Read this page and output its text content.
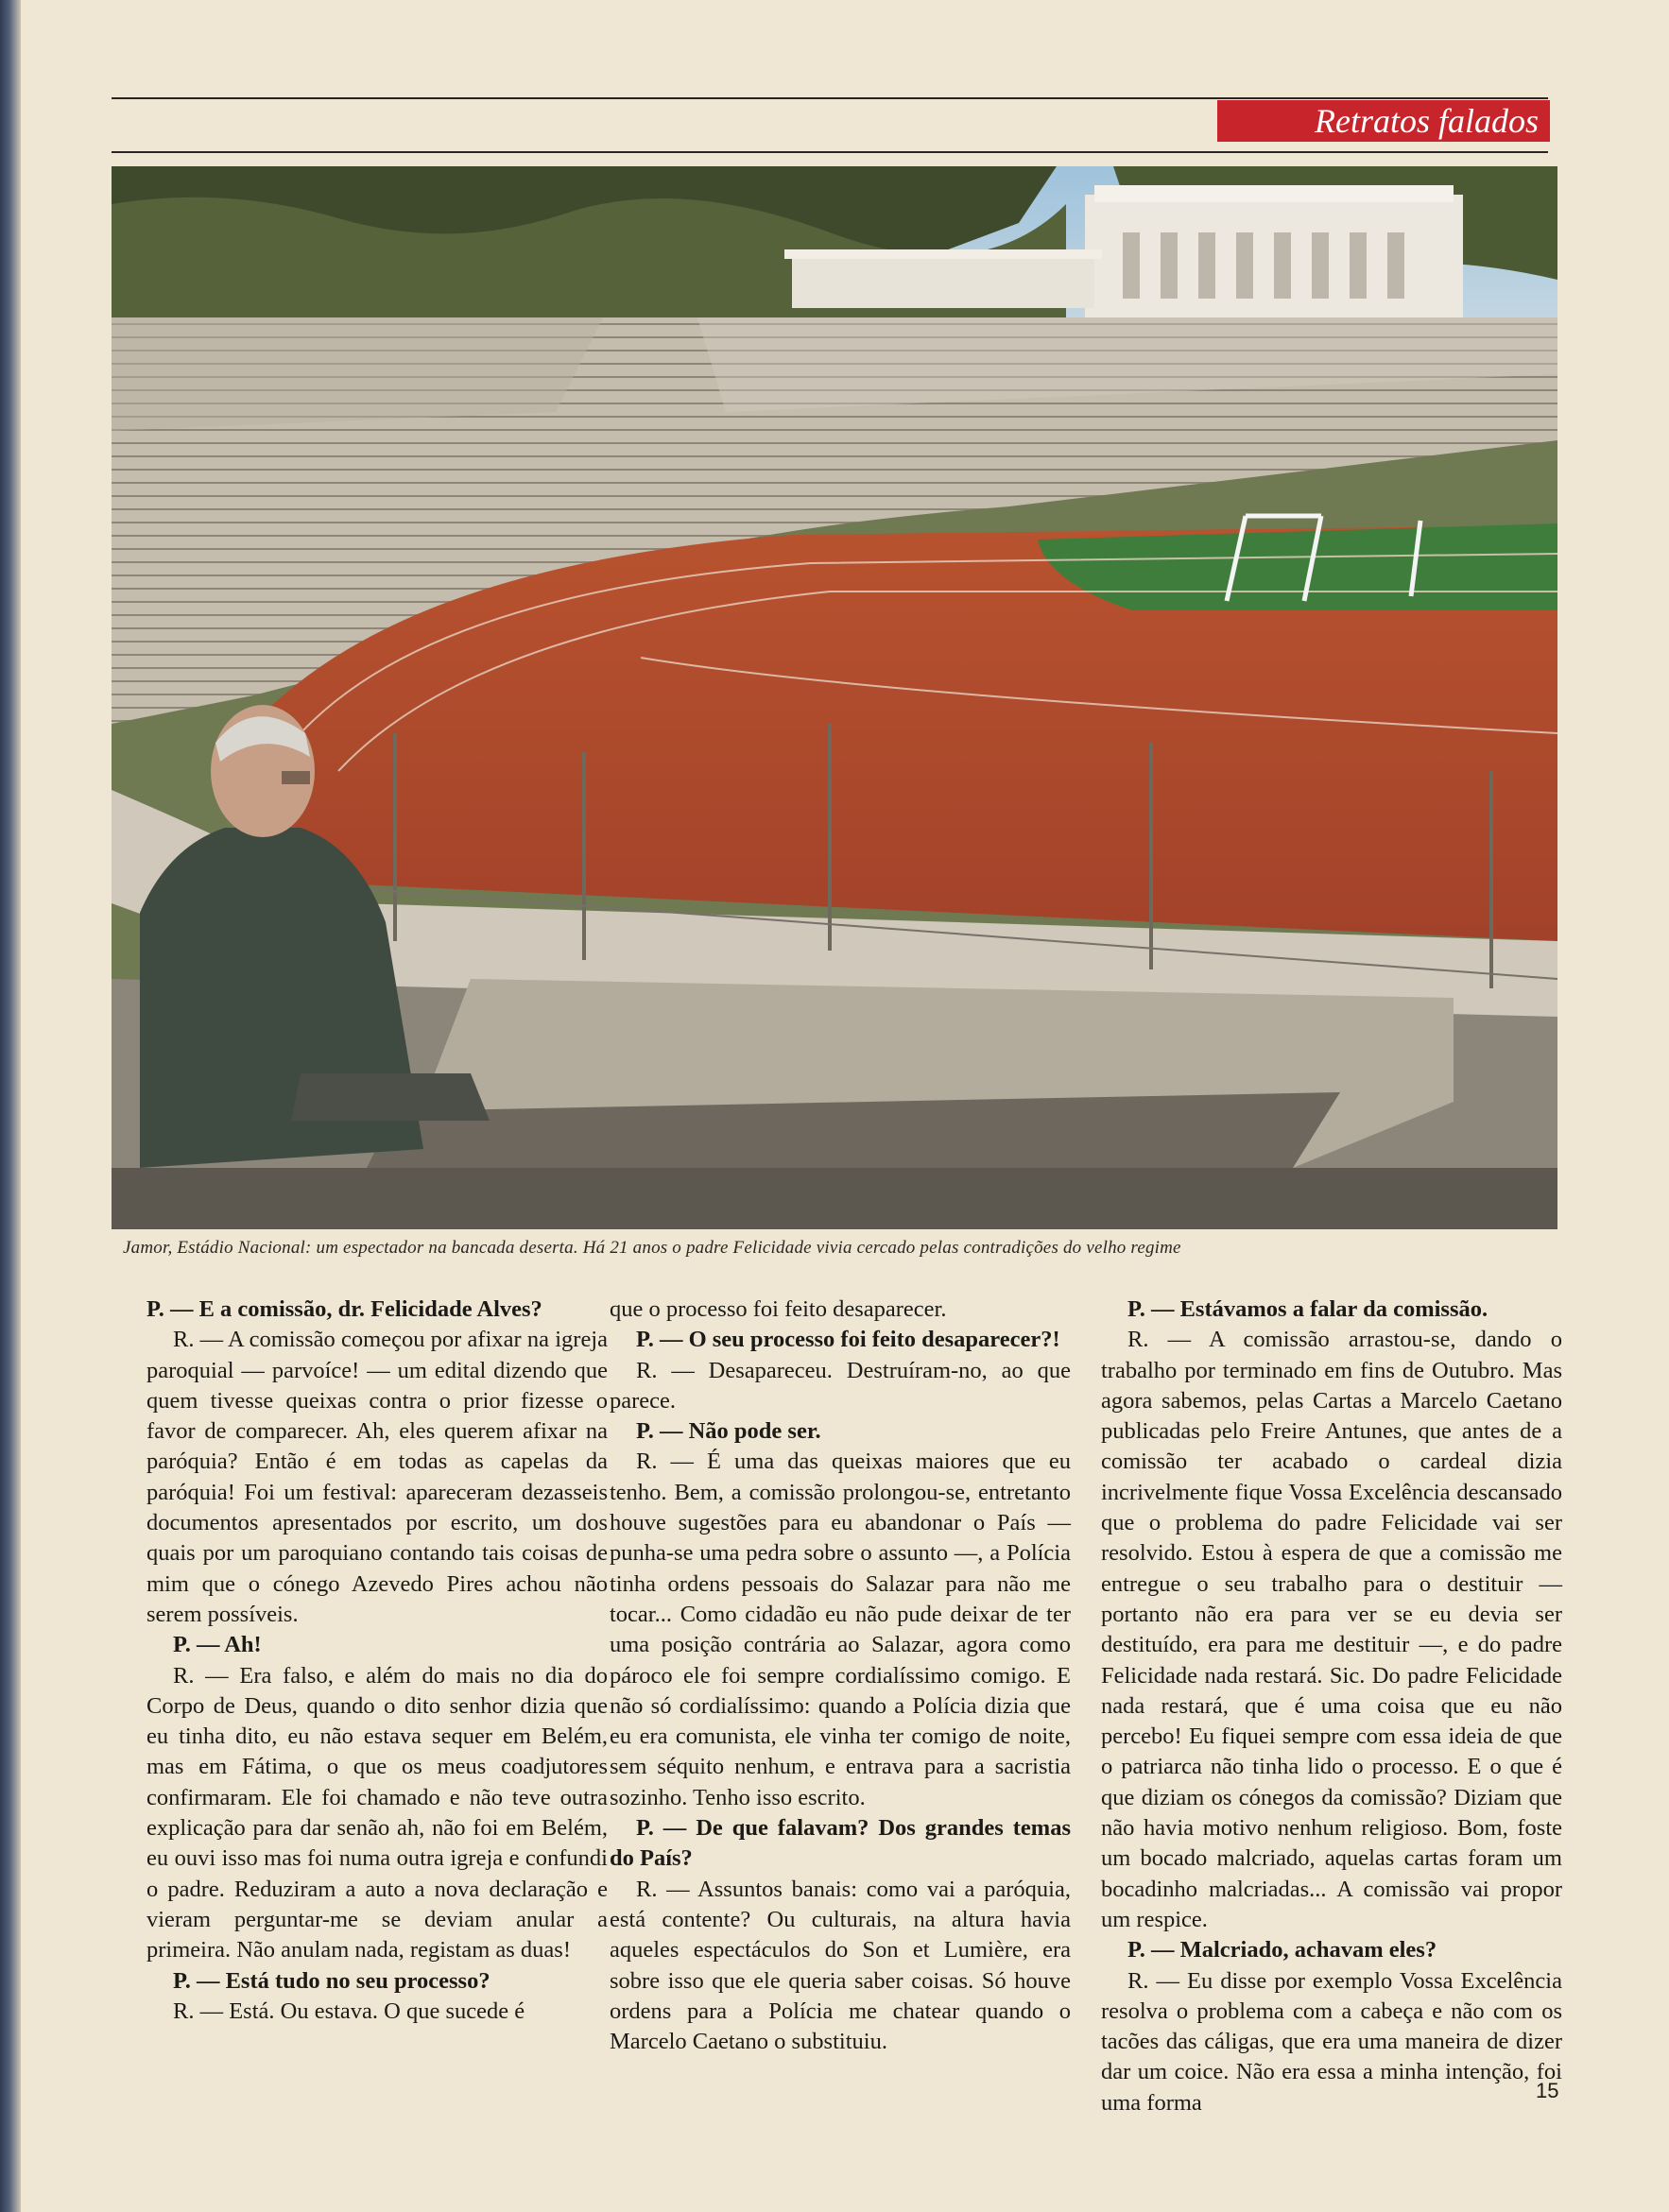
Retratos falados
Jamor, Estádio Nacional: um espectador na bancada deserta. Há 21 anos o padre Felicidade vivia cercado pelas contradições do velho regime

P. — E a comissão, dr. Felicidade Alves?

R. — A comissão começou por afixar na igreja paroquial — parvoíce! — um edital dizendo que quem tivesse queixas contra o prior fizesse o favor de comparecer. Ah, eles querem afixar na paróquia? Então é em todas as capelas da paróquia! Foi um festival: apareceram dezasseis documentos apresentados por escrito, um dos quais por um paroquiano contando tais coisas de mim que o cónego Azevedo Pires achou não serem possíveis.

P. — Ah!

R. — Era falso, e além do mais no dia do Corpo de Deus, quando o dito senhor dizia que eu tinha dito, eu não estava sequer em Belém, mas em Fátima, o que os meus coadjutores confirmaram. Ele foi chamado e não teve outra explicação para dar senão ah, não foi em Belém, eu ouvi isso mas foi numa outra igreja e confundi o padre. Reduziram a auto a nova declaração e vieram perguntar-me se deviam anular a primeira. Não anulam nada, registam as duas!

P. — Está tudo no seu processo?

R. — Está. Ou estava. O que sucede é

que o processo foi feito desaparecer.

P. — O seu processo foi feito desaparecer?!

R. — Desapareceu. Destruíram-no, ao que parece.

P. — Não pode ser.

R. — É uma das queixas maiores que eu tenho. Bem, a comissão prolongou-se, entretanto houve sugestões para eu abandonar o País — punha-se uma pedra sobre o assunto —, a Polícia tinha ordens pessoais do Salazar para não me tocar... Como cidadão eu não pude deixar de ter uma posição contrária ao Salazar, agora como pároco ele foi sempre cordialíssimo comigo. E não só cordialíssimo: quando a Polícia dizia que eu era comunista, ele vinha ter comigo de noite, sem séquito nenhum, e entrava para a sacristia sozinho. Tenho isso escrito.

P. — De que falavam? Dos grandes temas do País?

R. — Assuntos banais: como vai a paróquia, está contente? Ou culturais, na altura havia aqueles espectáculos do Son et Lumière, era sobre isso que ele queria saber coisas. Só houve ordens para a Polícia me chatear quando o Marcelo Caetano o substituiu.

P. — Estávamos a falar da comissão.

R. — A comissão arrastou-se, dando o trabalho por terminado em fins de Outubro. Mas agora sabemos, pelas Cartas a Marcelo Caetano publicadas pelo Freire Antunes, que antes de a comissão ter acabado o cardeal dizia incrivelmente fique Vossa Excelência descansado que o problema do padre Felicidade vai ser resolvido. Estou à espera de que a comissão me entregue o seu trabalho para o destituir — portanto não era para ver se eu devia ser destituído, era para me destituir —, e do padre Felicidade nada restará. Sic. Do padre Felicidade nada restará, que é uma coisa que eu não percebo! Eu fiquei sempre com essa ideia de que o patriarca não tinha lido o processo. E o que é que diziam os cónegos da comissão? Diziam que não havia motivo nenhum religioso. Bom, foste um bocado malcriado, aquelas cartas foram um bocadinho malcriadas... A comissão vai propor um respice.

P. — Malcriado, achavam eles?

R. — Eu disse por exemplo Vossa Excelência resolva o problema com a cabeça e não com os tacões das cáligas, que era uma maneira de dizer dar um coice. Não era essa a minha intenção, foi uma forma	15
